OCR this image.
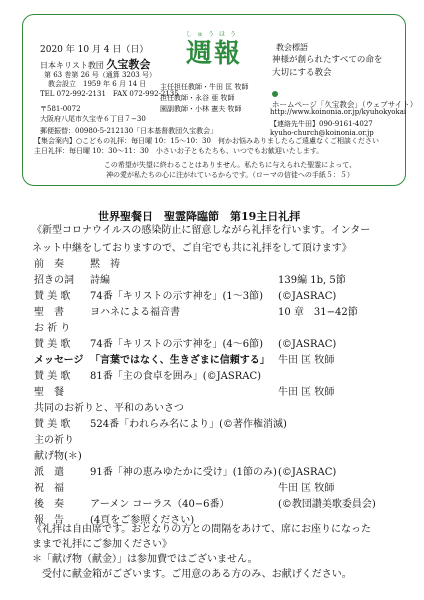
2020 年 10 月 4 日（日）
日本キリスト教団 久宝教会
第 63 巻第 26 号（通算 3203 号）
教会設立　1959 年 6 月 14 日
TEL 072-992-2131　FAX 072-992-2135
しゅうほう
週報
主任担任教師・牛田 匡 牧師
担任教師・永谷 亜 牧師
園副教師・小林 憲夫 牧師
教会標語
神様が創られたすべての命を
大切にする教会
ホームページ「久宝教会」（ウェブサイト）
http://www.koinonia.or.jp/kyuhokyokai
【連絡先牛田】090-9161-4027
kyuho-church@koinonia.or.jp
〒581-0072
大阪府八尾市久宝寺６丁目７−30
郵便振替：00980-5-212130「日本基督教団久宝教会」
【集会案内】○こどもの礼拝：毎日曜 10：15～10：30　何かお悩みありましたらご遠慮なくご相談ください
主日礼拝：毎日曜 10：30～11：30　小さいお子ともたちも、いつでもお歓迎いたします。
この希望が失望に終わることはありません。私たちに与えられた聖霊によって、
神の愛が私たちの心に注がれているからです。（ローマの信徒への手紙５：５）
世界聖餐日　聖霊降臨節　第19主日礼拝
《新型コロナウイルスの感染防止に留意しながら礼拝を行います。インター
ネット中継をしておりますので、ご自宅でも共に礼拝をして頂けます》
前　奏	黙　祷
招きの詞 詩編	139編 1b, 5節
賛 美 歌 74番「キリストの示す神を」(1〜3節) (©JASRAC)
聖　書	ヨハネによる福音書	10 章　31−42節
お 祈 り
賛 美 歌 74番「キリストの示す神を」(4〜6節) (©JASRAC)
メッセージ 「言葉ではなく、生きざまに信頼する」 牛田 匡 牧師
賛 美 歌 81番「主の食卓を囲み」(©JASRAC)
聖　餐	牛田 匡 牧師
共同のお祈りと、平和のあいさつ
賛 美 歌 524番「われらみ名により」(©著作権消滅)
主の祈り
献げ物(＊)
派　遣	91番「神の恵みゆたかに受け」(1節のみ) (©JASRAC)
祝　福	牛田 匡 牧師
後　奏	アーメン コーラス（40−6番）	(©教団讃美歌委員会)
報　告	(4頁をご参照ください)
《礼拝は自由席です。おとなりの方との間隔をあけて、席にお座りになった
ままで礼拝にご参加ください》
＊「献げ物（献金）」は参加費ではございません。
　受付に献金箱がございます。ご用意のある方のみ、お献げください。
